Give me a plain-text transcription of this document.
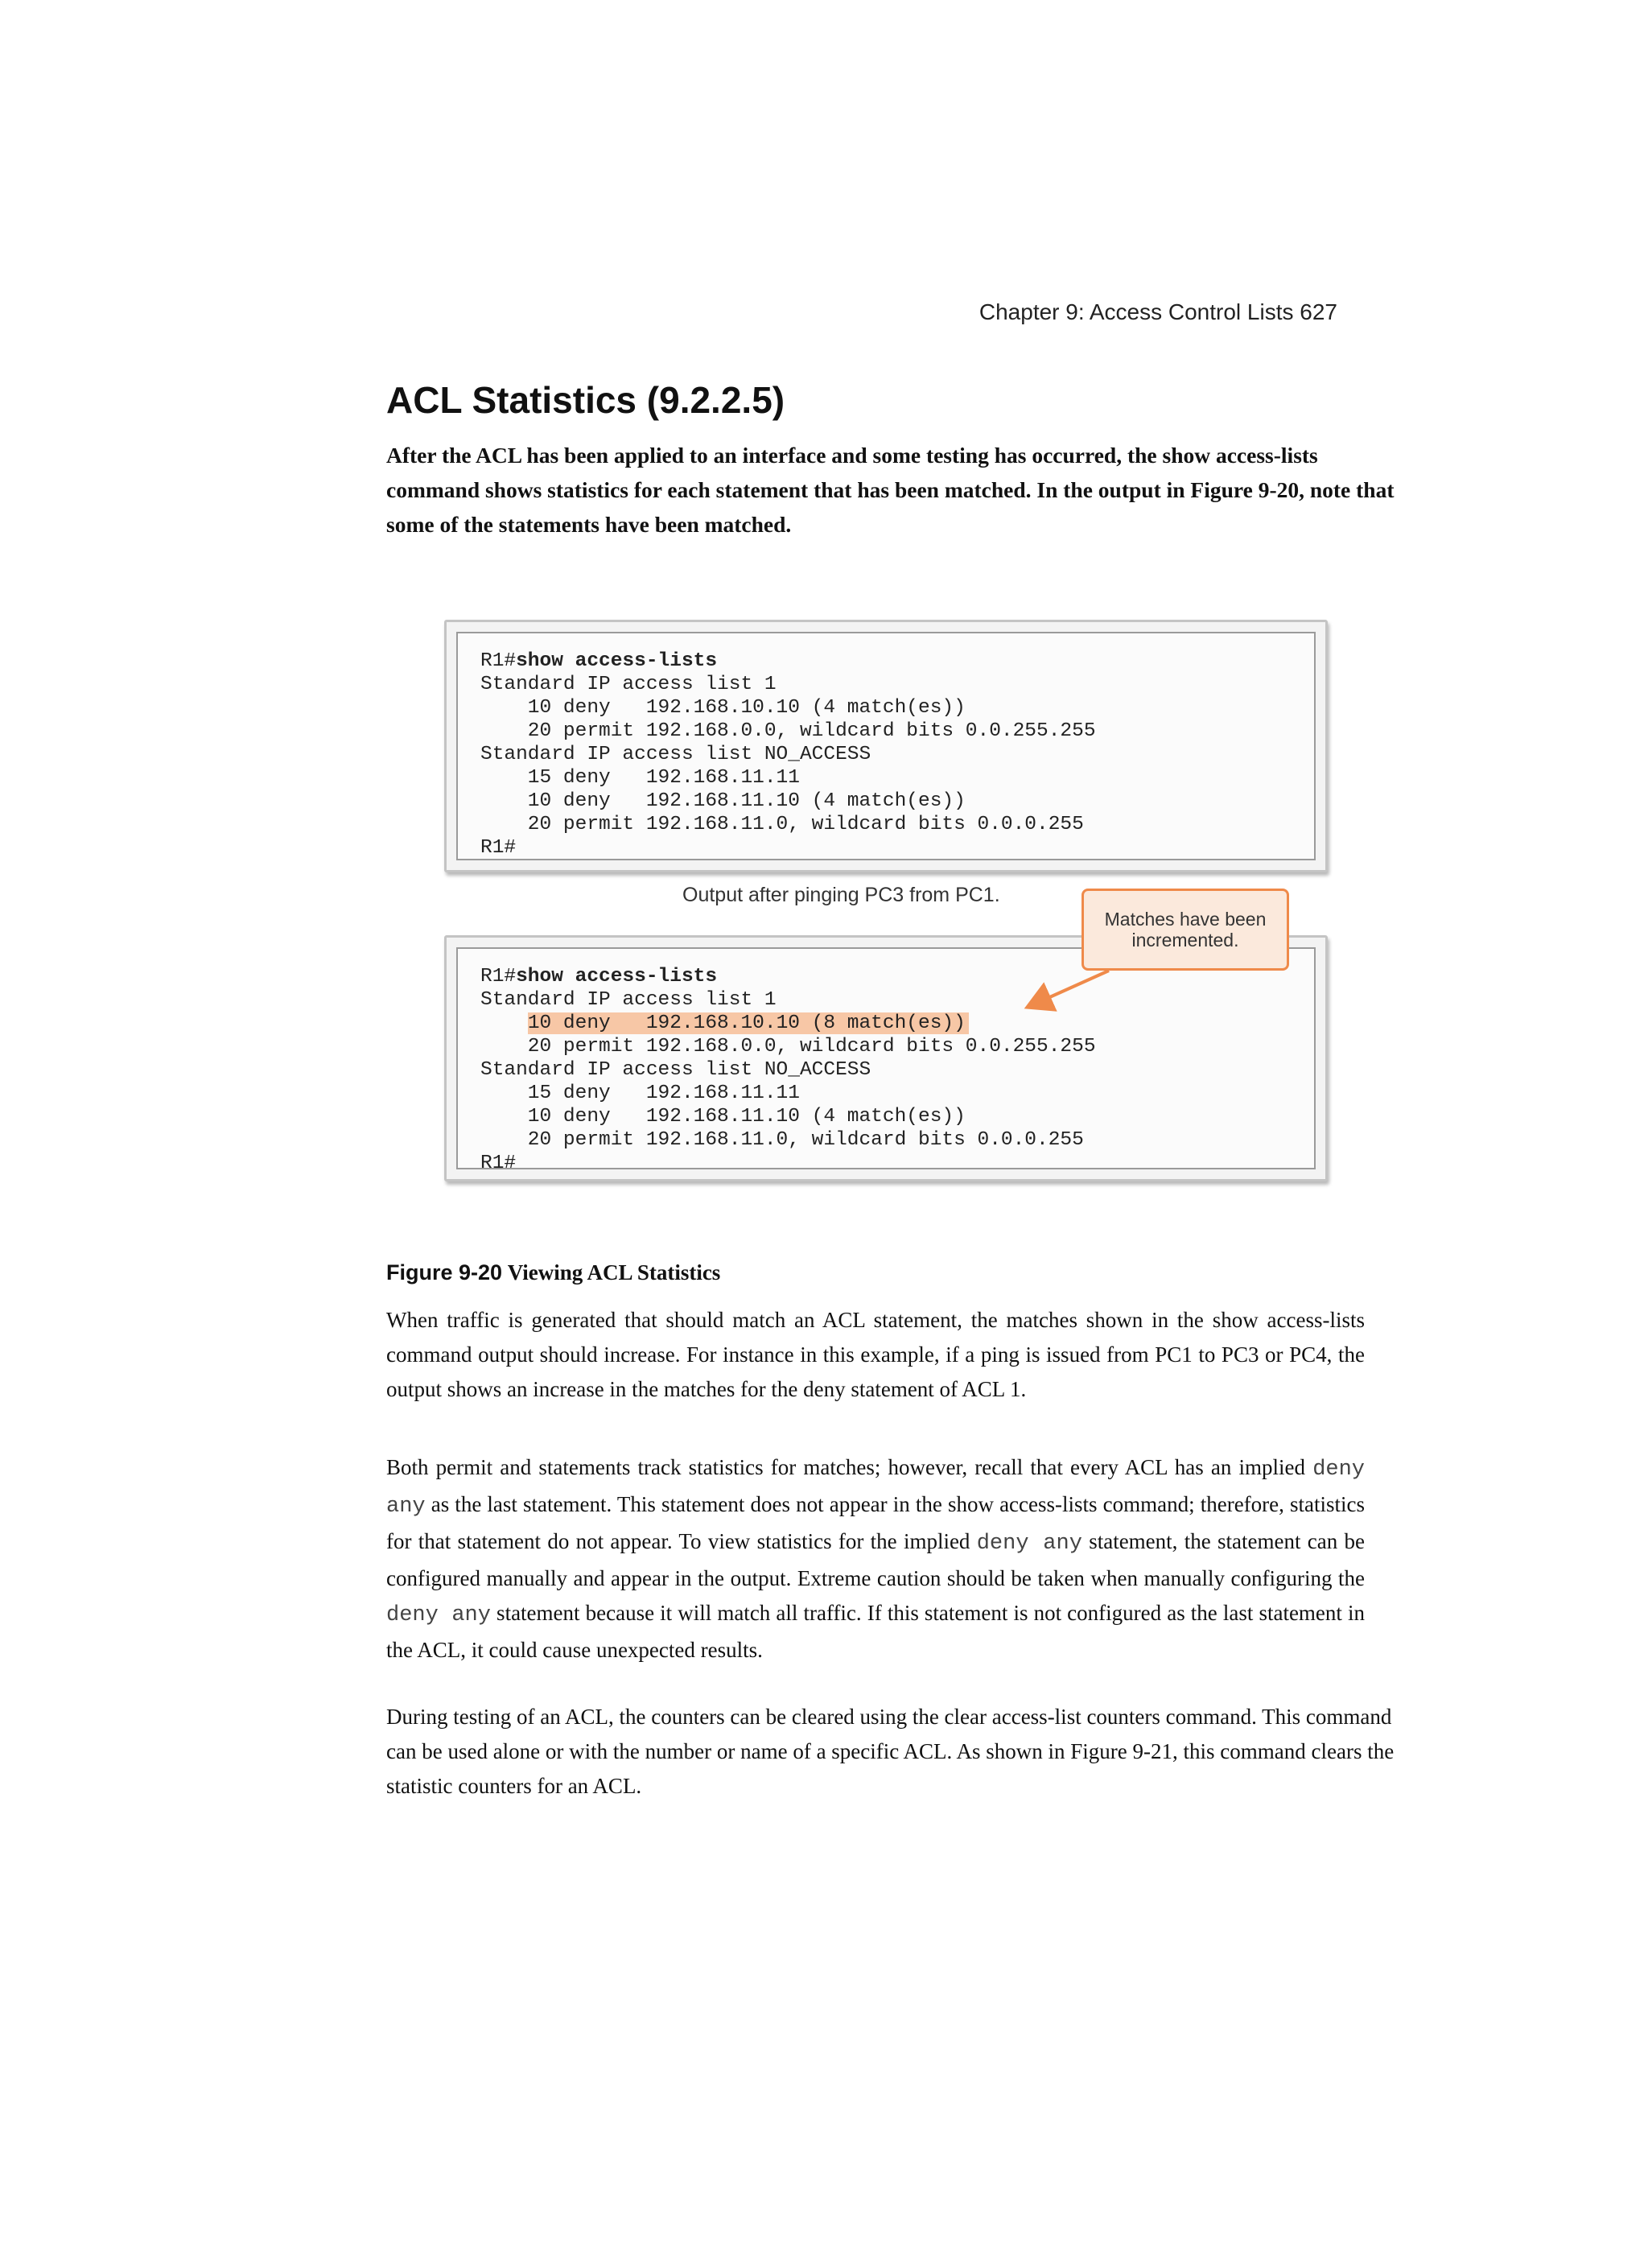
Chapter 9: Access Control Lists 627
ACL Statistics (9.2.2.5)

After the ACL has been applied to an interface and some testing has occurred, the show access-lists command shows statistics for each statement that has been matched. In the output in Figure 9-20, note that some of the statements have been matched.

R1#show access-lists
Standard IP access list 1
10 deny   192.168.10.10 (4 match(es))
20 permit 192.168.0.0, wildcard bits 0.0.255.255
Standard IP access list NO_ACCESS
15 deny   192.168.11.11
10 deny   192.168.11.10 (4 match(es))
20 permit 192.168.11.0, wildcard bits 0.0.0.255
R1#
Output after pinging PC3 from PC1.
R1#show access-lists
Standard IP access list 1
10 deny   192.168.10.10 (8 match(es))
20 permit 192.168.0.0, wildcard bits 0.0.255.255
Standard IP access list NO_ACCESS
15 deny   192.168.11.11
10 deny   192.168.11.10 (4 match(es))
20 permit 192.168.11.0, wildcard bits 0.0.0.255
R1#
Matches have been incremented.
Figure 9-20 Viewing ACL Statistics

When traffic is generated that should match an ACL statement, the matches shown in the show access-lists command output should increase. For instance in this example, if a ping is issued from PC1 to PC3 or PC4, the output shows an increase in the matches for the deny statement of ACL 1.

Both permit and statements track statistics for matches; however, recall that every ACL has an implied deny any as the last statement. This statement does not appear in the show access-lists command; therefore, statistics for that statement do not appear. To view statistics for the implied deny any statement, the statement can be configured manually and appear in the output. Extreme caution should be taken when manually configuring the deny any statement because it will match all traffic. If this statement is not configured as the last statement in the ACL, it could cause unexpected results.

During testing of an ACL, the counters can be cleared using the clear access-list counters command. This command can be used alone or with the number or name of a specific ACL. As shown in Figure 9-21, this command clears the statistic counters for an ACL.
